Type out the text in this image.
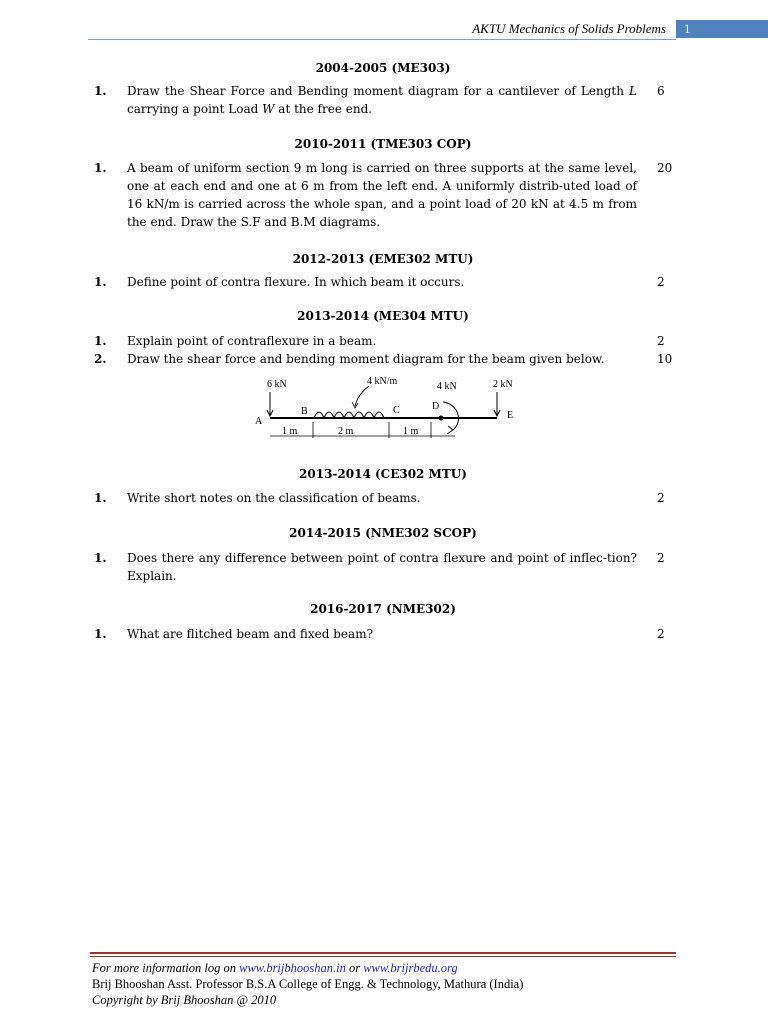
AKTU Mechanics of Solids Problems 1
2004-2005 (ME303)
1. Draw the Shear Force and Bending moment diagram for a cantilever of Length L carrying a point Load W at the free end.
6
2010-2011 (TME303 COP)
1. A beam of uniform section 9 m long is carried on three supports at the same level, one at each end and one at 6 m from the left end. A uniformly distrib-uted load of 16 kN/m is carried across the whole span, and a point load of 20 kN at 4.5 m from the end. Draw the S.F and B.M diagrams.
20
2012-2013 (EME302 MTU)
1. Define point of contra flexure. In which beam it occurs.	2
2013-2014 (ME304 MTU)
1. Explain point of contraflexure in a beam.	2
2. Draw the shear force and bending moment diagram for the beam given below.	10
6 kN
A
B	C
4 kN/m	4 kN
D
2 kN
E
1 m	2 m	1 m
2013-2014 (CE302 MTU)
1. Write short notes on the classification of beams.	2
2014-2015 (NME302 SCOP)
1. Does there any difference between point of contra flexure and point of inflec-tion? Explain.
2
2016-2017 (NME302)
1. What are flitched beam and fixed beam?	2
For more information log on www.brijbhooshan.in or www.brijrbedu.org
Brij Bhooshan Asst. Professor B.S.A College of Engg. & Technology, Mathura (India)
Copyright by Brij Bhooshan @ 2010
